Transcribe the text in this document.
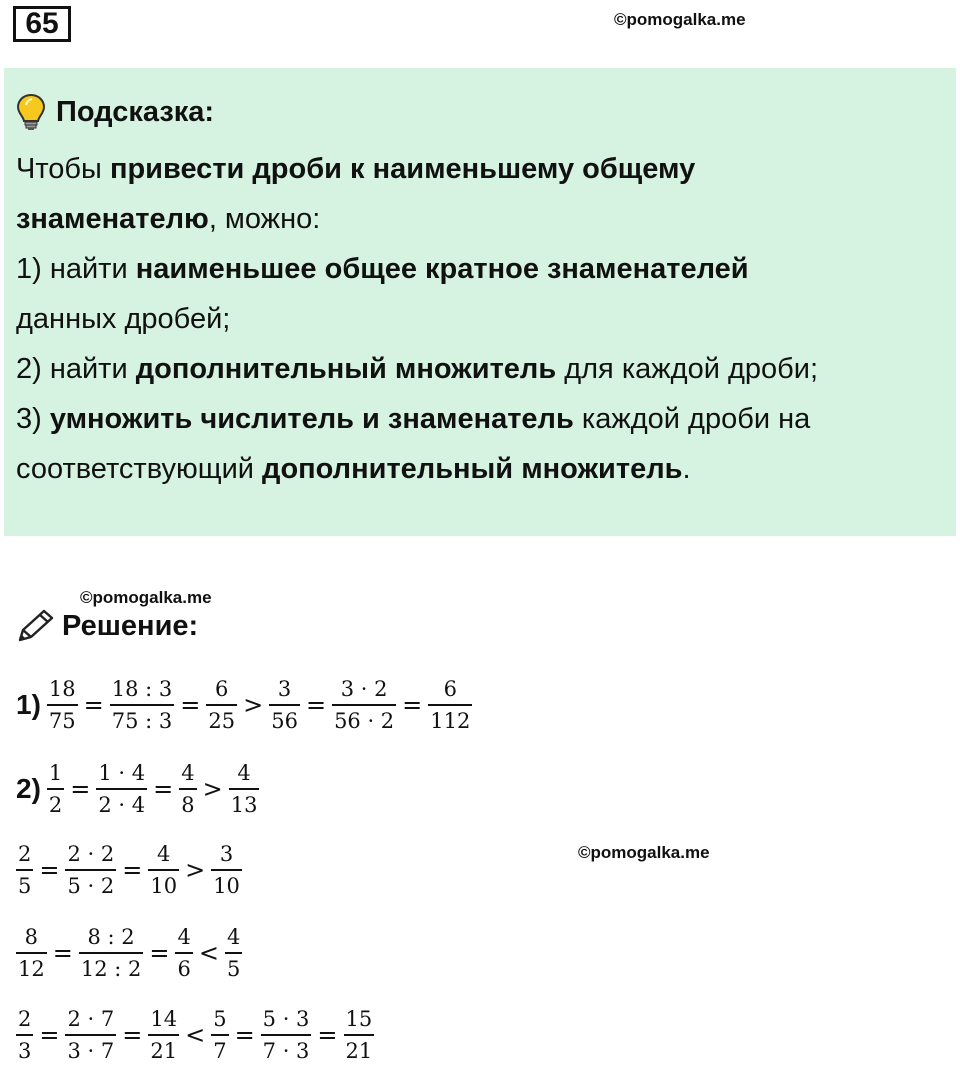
65	©pomogalka.me
Подсказка:

Чтобы привести дроби к наименьшему общему

знаменателю, можно:

1) найти наименьшее общее кратное знаменателей

данных дробей;

2) найти дополнительный множитель для каждой дроби;

3) умножить числитель и знаменатель каждой дроби на

соответствующий дополнительный множитель.

©pomogalka.me
Решение:
©pomogalka.me
$1) \frac{18}{75} = \frac{18 : 3}{75 : 3} = \frac{6}{25} > \frac{3}{56} = \frac{3 \cdot 2}{56 \cdot 2} = \frac{6}{112}$
$2) \frac{1}{2} = \frac{1 \cdot 4}{2 \cdot 4} = \frac{4}{8} > \frac{4}{13}$
$\frac{2}{5} = \frac{2 \cdot 2}{5 \cdot 2} = \frac{4}{10} > \frac{3}{10}$
$\frac{8}{12} = \frac{8 : 2}{12 : 2} = \frac{4}{6} < \frac{4}{5}$
$\frac{2}{3} = \frac{2 \cdot 7}{3 \cdot 7} = \frac{14}{21} < \frac{5}{7} = \frac{5 \cdot 3}{7 \cdot 3} = \frac{15}{21}$
